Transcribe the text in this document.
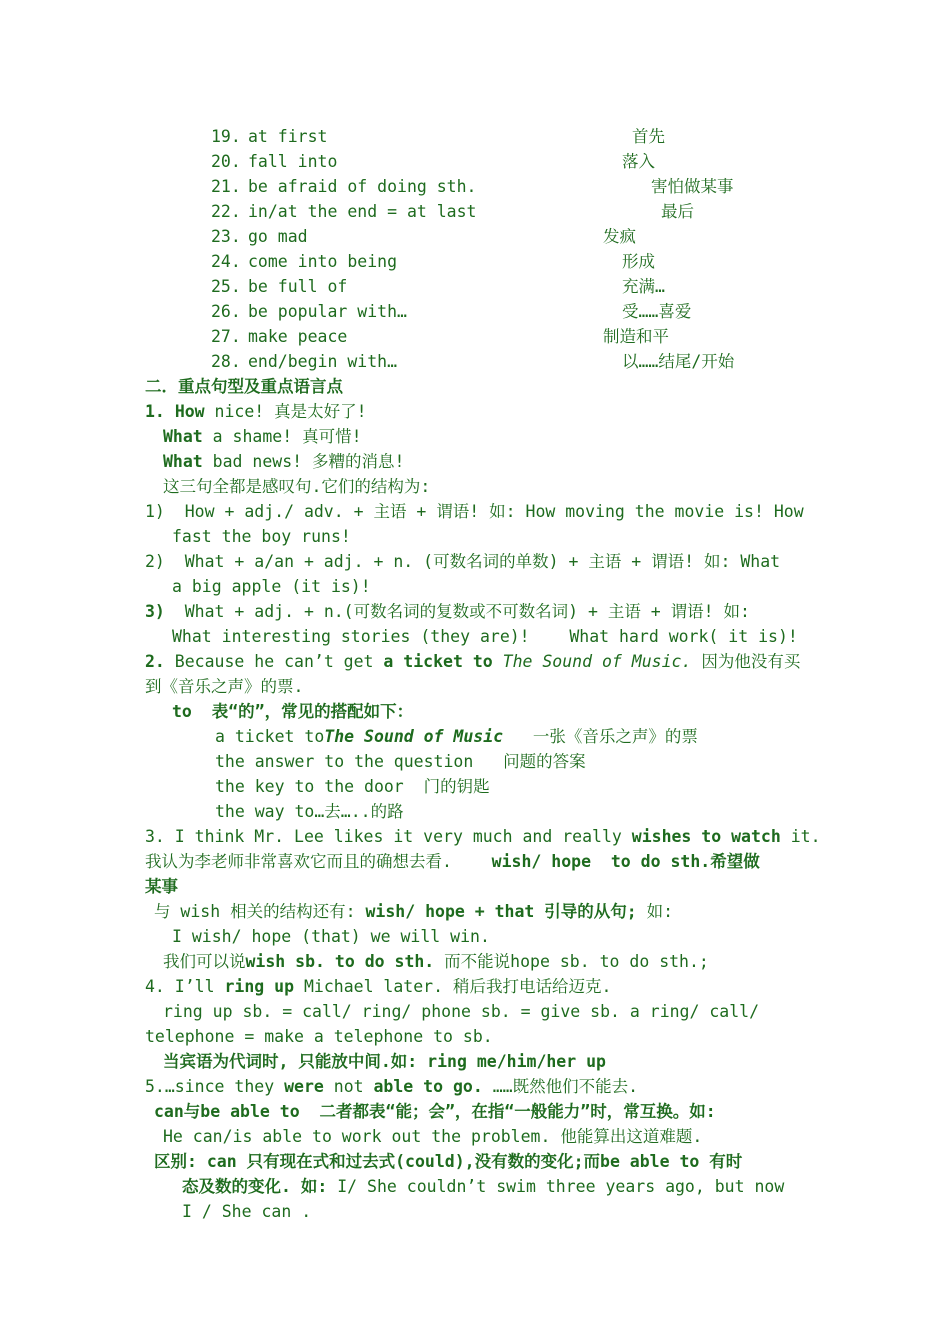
19. at first	首先
20. fall into	落入
21. be afraid of doing sth.	害怕做某事
22. in/at the end = at last	最后
23. go mad	发疯
24. come into being	形成
25. be full of	充满…
26. be popular with…	受……喜爱
27. make peace	制造和平
28. end/begin with…	以……结尾/开始
二．重点句型及重点语言点
1. How nice! 真是太好了!
What a shame! 真可惜!
What bad news! 多糟的消息!
这三句全都是感叹句.它们的结构为:
1)  How + adj./ adv. + 主语 + 谓语! 如: How moving the movie is! How
fast the boy runs!
2)  What + a/an + adj. + n. (可数名词的单数) + 主语 + 谓语! 如: What
a big apple (it is)!
3)  What + adj. + n.(可数名词的复数或不可数名词) + 主语 + 谓语! 如:
What interesting stories (they are)!    What hard work( it is)!
2. Because he can’t get a ticket to The Sound of Music. 因为他没有买
到《音乐之声》的票.
to  表“的”，常见的搭配如下：
a ticket toThe Sound of Music   一张《音乐之声》的票
the answer to the question   问题的答案
the key to the door  门的钥匙
the way to…去…..的路
3. I think Mr. Lee likes it very much and really wishes to watch it.
我认为李老师非常喜欢它而且的确想去看.    wish/ hope  to do sth.希望做
某事
与 wish 相关的结构还有: wish/ hope + that 引导的从句; 如:
I wish/ hope (that) we will win.
我们可以说wish sb. to do sth. 而不能说hope sb. to do sth.;
4. I’ll ring up Michael later. 稍后我打电话给迈克.
ring up sb. = call/ ring/ phone sb. = give sb. a ring/ call/
telephone = make a telephone to sb.
当宾语为代词时, 只能放中间.如: ring me/him/her up
5.…since they were not able to go. ……既然他们不能去.
can与be able to  二者都表“能；会”，在指“一般能力”时，常互换。如:
He can/is able to work out the problem. 他能算出这道难题.
区别: can 只有现在式和过去式(could),没有数的变化;而be able to 有时
态及数的变化. 如: I/ She couldn’t swim three years ago, but now
I / She can .
